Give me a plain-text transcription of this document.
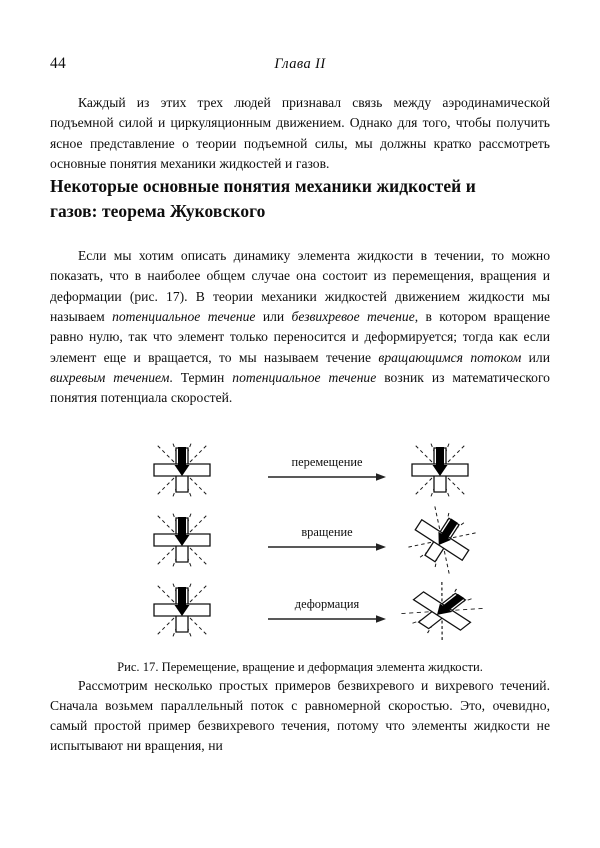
44	Глава II

Каждый из этих трех людей признавал связь между аэродинамической подъемной силой и циркуляционным движением. Однако для того, чтобы получить ясное представление о теории подъемной силы, мы должны кратко рассмотреть основные понятия механики жидкостей и газов.

Некоторые основные понятия механики жидкостей и газов: теорема Жуковского

Если мы хотим описать динамику элемента жидкости в течении, то можно показать, что в наиболее общем случае она состоит из перемещения, вращения и деформации (рис. 17). В теории механики жидкостей движением жидкости мы называем потенциальное течение или безвихревое течение, в котором вращение равно нулю, так что элемент только переносится и деформируется; тогда как если элемент еще и вращается, то мы называем течение вращающимся потоком или вихревым течением. Термин потенциальное течение возник из математического понятия потенциала скоростей.

перемещение
вращение
деформация
Рис. 17. Перемещение, вращение и деформация элемента жидкости.

Рассмотрим несколько простых примеров безвихревого и вихревого течений. Сначала возьмем параллельный поток с равномерной скоростью. Это, очевидно, самый простой пример безвихревого течения, потому что элементы жидкости не испытывают ни вращения, ни
